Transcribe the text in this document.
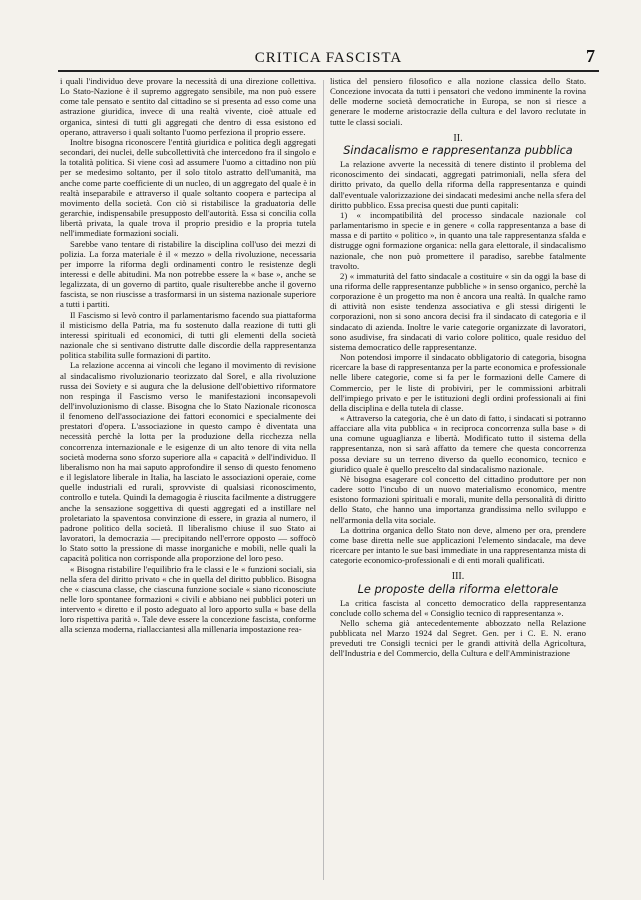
CRITICA FASCISTA	7

i quali l'individuo deve provare la necessità di una direzione collettiva. Lo Stato-Nazione è il supremo aggregato sensibile, ma non può essere come tale pensato e sentito dal cittadino se si presenta ad esso come una astrazione giuridica, invece di una realtà vivente, cioè attuale ed organica, sintesi di tutti gli aggregati che dentro di essa esistono ed operano, attraverso i quali soltanto l'uomo perfeziona il proprio essere.

Inoltre bisogna riconoscere l'entità giuridica e politica degli aggregati secondari, dei nuclei, delle subcollettività che intercedono fra il singolo e la totalità politica. Si viene così ad assumere l'uomo a cittadino non più per se medesimo soltanto, per il solo titolo astratto dell'umanità, ma anche come parte coefficiente di un nucleo, di un aggregato del quale è in realtà inseparabile e attraverso il quale soltanto coopera e partecipa al movimento della società. Con ciò si ristabilisce la graduatoria delle gerarchie, indispensabile presupposto dell'autorità. Essa si concilia colla libertà privata, la quale trova il proprio presidio e la propria tutela nell'immediate formazioni sociali.

Sarebbe vano tentare di ristabilire la disciplina coll'uso dei mezzi di polizia. La forza materiale è il « mezzo » della rivoluzione, necessaria per imporre la riforma degli ordinamenti contro le resistenze degli interessi e delle abitudini. Ma non potrebbe essere la « base », anche se legalizzata, di un governo di partito, quale risulterebbe anche il governo fascista, se non riuscisse a trasformarsi in un sistema nazionale superiore a tutti i partiti.

Il Fascismo si levò contro il parlamentarismo facendo sua piattaforma il misticismo della Patria, ma fu sostenuto dalla reazione di tutti gli interessi spirituali ed economici, di tutti gli elementi della società nazionale che si sentivano distrutte dalle discordie della rappresentanza politica stabilita sulle formazioni di partito.

La relazione accenna ai vincoli che legano il movimento di revisione al sindacalismo rivoluzionario teorizzato dal Sorel, e alla rivoluzione russa dei Soviety e si augura che la delusione dell'obiettivo riformatore non respinga il Fascismo verso le manifestazioni inconsapevoli dell'involuzionismo di classe. Bisogna che lo Stato Nazionale riconosca il fenomeno dell'associazione dei fattori economici e specialmente dei prestatori d'opera. L'associazione in questo campo è diventata una necessità perchè la lotta per la produzione della ricchezza nella concorrenza internazionale e le esigenze di un alto tenore di vita nella società moderna sono sforzo superiore alla « capacità » dell'individuo. Il liberalismo non ha mai saputo approfondire il senso di questo fenomeno e il legislatore liberale in Italia, ha lasciato le associazioni operaie, come quelle industriali ed rurali, sprovviste di qualsiasi riconoscimento, controllo e tutela. Quindi la demagogia è riuscita facilmente a distruggere anche la sensazione soggettiva di questi aggregati ed a instillare nel proletariato la spaventosa convinzione di essere, in grazia al numero, il padrone politico della società. Il liberalismo chiuse il suo Stato ai lavoratori, la democrazia — precipitando nell'errore opposto — soffocò lo Stato sotto la pressione di masse inorganiche e mobili, nelle quali la capacità politica non corrisponde alla proporzione del loro peso.

« Bisogna ristabilire l'equilibrio fra le classi e le « funzioni sociali, sia nella sfera del diritto privato « che in quella del diritto pubblico. Bisogna che « ciascuna classe, che ciascuna funzione sociale « siano riconosciute nelle loro spontanee formazioni « civili e abbiano nei pubblici poteri un intervento « diretto e il posto adeguato al loro apporto sulla « base della loro rispettiva parità ». Tale deve essere la concezione fascista, conforme alla scienza moderna, riallacciantesi alla millenaria impostazione rea-

listica del pensiero filosofico e alla nozione classica dello Stato. Concezione invocata da tutti i pensatori che vedono imminente la rovina delle moderne società democratiche in Europa, se non si riesce a generare le moderne aristocrazie della cultura e del lavoro reclutate in tutte le classi sociali.

II.
Sindacalismo e rappresentanza pubblica

La relazione avverte la necessità di tenere distinto il problema del riconoscimento dei sindacati, aggregati patrimoniali, nella sfera del diritto privato, da quello della riforma della rappresentanza e quindi dall'eventuale valorizzazione dei sindacati medesimi anche nella sfera del diritto pubblico. Essa precisa questi due punti capitali:

1) « incompatibilità del processo sindacale nazionale col parlamentarismo in specie e in genere « colla rappresentanza a base di massa e di partito « politico », in quanto una tale rappresentanza sfalda e distrugge ogni formazione organica: nella gara elettorale, il sindacalismo nazionale, che non può promettere il paradiso, sarebbe fatalmente travolto.

2) « immaturità del fatto sindacale a costituire « sin da oggi la base di una riforma delle rappresentanze pubbliche » in senso organico, perchè la corporazione è un progetto ma non è ancora una realtà. In qualche ramo di attività non esiste tendenza associativa e gli stessi dirigenti le corporazioni, non si sono ancora decisi fra il sindacato di categoria e il sindacato di azienda. Inoltre le varie categorie organizzate di lavoratori, sono asudivise, fra sindacati di vario colore politico, quale residuo del sistema democratico delle rappresentanze.

Non potendosi imporre il sindacato obbligatorio di categoria, bisogna ricercare la base di rappresentanza per la parte economica e professionale nelle libere categorie, come si fa per le formazioni delle Camere di Commercio, per le liste di probiviri, per le commissioni arbitrali dell'impiego privato e per le istituzioni degli ordini professionali ai fini della disciplina e della tutela di classe.

« Attraverso la categoria, che è un dato di fatto, i sindacati si potranno affacciare alla vita pubblica « in reciproca concorrenza sulla base » di una comune uguaglianza e libertà. Modificato tutto il sistema della rappresentanza, non si sarà affatto da temere che questa concorrenza possa deviare su un terreno diverso da quello economico, tecnico e giuridico quale è quello prescelto dal sindacalismo nazionale.

Nè bisogna esagerare col concetto del cittadino produttore per non cadere sotto l'incubo di un nuovo materialismo economico, mentre esistono formazioni spirituali e morali, munite della personalità di diritto dello Stato, che hanno una importanza grandissima nello sviluppo e nell'armonia della vita sociale.

La dottrina organica dello Stato non deve, almeno per ora, prendere come base diretta nelle sue applicazioni l'elemento sindacale, ma deve ricercare per intanto le sue basi immediate in una rappresentanza mista di categorie economico-professionali e di enti morali qualificati.

III.
Le proposte della riforma elettorale

La critica fascista al concetto democratico della rappresentanza conclude collo schema del « Consiglio tecnico di rappresentanza ».

Nello schema già antecedentemente abbozzato nella Relazione pubblicata nel Marzo 1924 dal Segret. Gen. per i C. E. N. erano preveduti tre Consigli tecnici per le grandi attività della Agricoltura, dell'Industria e del Commercio, della Cultura e dell'Amministrazione
